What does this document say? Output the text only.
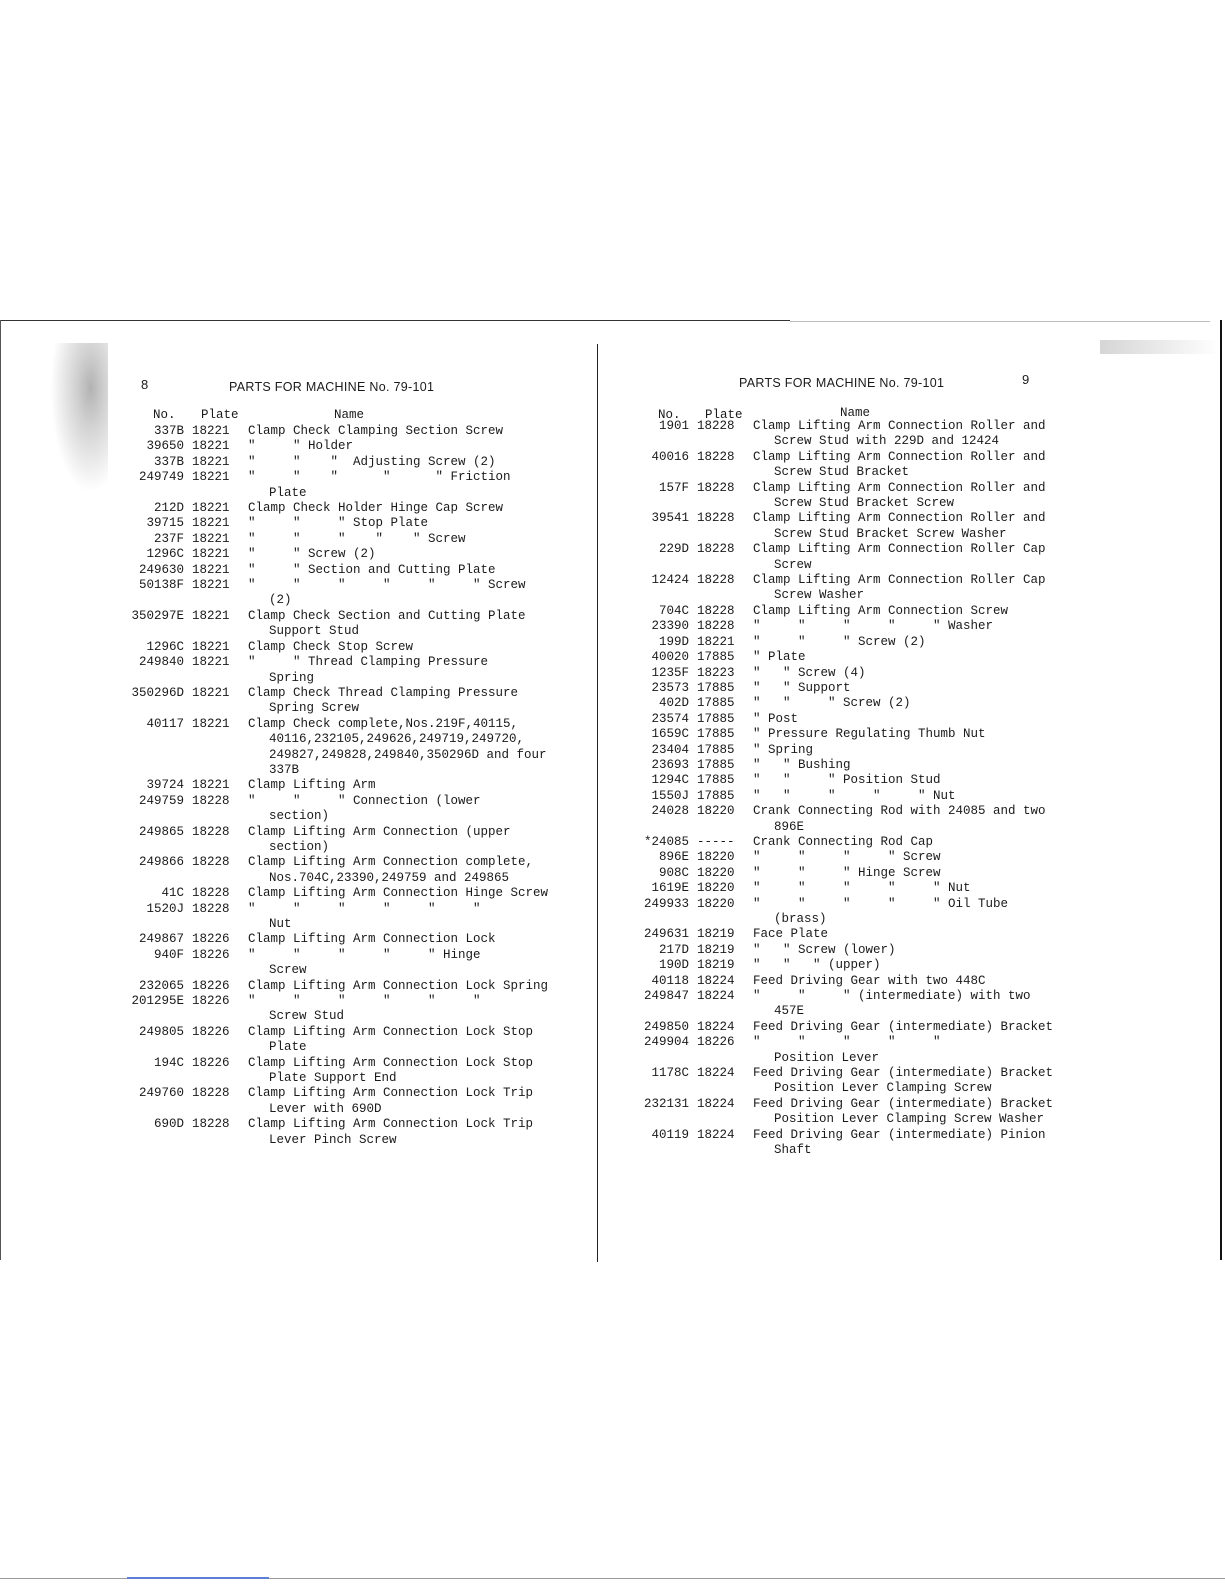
8	PARTS FOR MACHINE No. 79-101
No. Plate	Name
337B 18221 Clamp Check Clamping Section Screw
39650 18221 "     " Holder
337B 18221 "     "    "  Adjusting Screw (2)
249749 18221 "     "    "      "      " Friction
Plate
212D 18221 Clamp Check Holder Hinge Cap Screw
39715 18221 "     "     " Stop Plate
237F 18221 "     "     "    "    " Screw
1296C 18221 "     " Screw (2)
249630 18221 "     " Section and Cutting Plate
50138F 18221 "     "     "     "     "     " Screw
(2)
350297E 18221 Clamp Check Section and Cutting Plate
Support Stud
1296C 18221 Clamp Check Stop Screw
249840 18221 "     " Thread Clamping Pressure
Spring
350296D 18221 Clamp Check Thread Clamping Pressure
Spring Screw
40117 18221 Clamp Check complete,Nos.219F,40115,
40116,232105,249626,249719,249720,
249827,249828,249840,350296D and four
337B
39724 18221 Clamp Lifting Arm
249759 18228 "     "     " Connection (lower
section)
249865 18228 Clamp Lifting Arm Connection (upper
section)
249866 18228 Clamp Lifting Arm Connection complete,
Nos.704C,23390,249759 and 249865
41C 18228 Clamp Lifting Arm Connection Hinge Screw
1520J 18228 "     "     "     "     "     "
Nut
249867 18226 Clamp Lifting Arm Connection Lock
940F 18226 "     "     "     "     " Hinge
Screw
232065 18226 Clamp Lifting Arm Connection Lock Spring
201295E 18226 "     "     "     "     "     "
Screw Stud
249805 18226 Clamp Lifting Arm Connection Lock Stop
Plate
194C 18226 Clamp Lifting Arm Connection Lock Stop
Plate Support End
249760 18228 Clamp Lifting Arm Connection Lock Trip
Lever with 690D
690D 18228 Clamp Lifting Arm Connection Lock Trip
Lever Pinch Screw
PARTS FOR MACHINE No. 79-101	9
No. Plate	Name
1901 18228 Clamp Lifting Arm Connection Roller and
Screw Stud with 229D and 12424
40016 18228 Clamp Lifting Arm Connection Roller and
Screw Stud Bracket
157F 18228 Clamp Lifting Arm Connection Roller and
Screw Stud Bracket Screw
39541 18228 Clamp Lifting Arm Connection Roller and
Screw Stud Bracket Screw Washer
229D 18228 Clamp Lifting Arm Connection Roller Cap
Screw
12424 18228 Clamp Lifting Arm Connection Roller Cap
Screw Washer
704C 18228 Clamp Lifting Arm Connection Screw
23390 18228 "     "     "     "     " Washer
199D 18221 "     "     " Screw (2)
40020 17885 " Plate
1235F 18223 "   " Screw (4)
23573 17885 "   " Support
402D 17885 "   "     " Screw (2)
23574 17885 " Post
1659C 17885 " Pressure Regulating Thumb Nut
23404 17885 " Spring
23693 17885 "   " Bushing
1294C 17885 "   "     " Position Stud
1550J 17885 "   "     "     "     " Nut
24028 18220 Crank Connecting Rod with 24085 and two
896E
*24085 ----- Crank Connecting Rod Cap
896E 18220 "     "     "     " Screw
908C 18220 "     "     " Hinge Screw
1619E 18220 "     "     "     "     " Nut
249933 18220 "     "     "     "     " Oil Tube
(brass)
249631 18219 Face Plate
217D 18219 "   " Screw (lower)
190D 18219 "   "   " (upper)
40118 18224 Feed Driving Gear with two 448C
249847 18224 "     "     " (intermediate) with two
457E
249850 18224 Feed Driving Gear (intermediate) Bracket
249904 18226 "     "     "     "     "
Position Lever
1178C 18224 Feed Driving Gear (intermediate) Bracket
Position Lever Clamping Screw
232131 18224 Feed Driving Gear (intermediate) Bracket
Position Lever Clamping Screw Washer
40119 18224 Feed Driving Gear (intermediate) Pinion
Shaft
